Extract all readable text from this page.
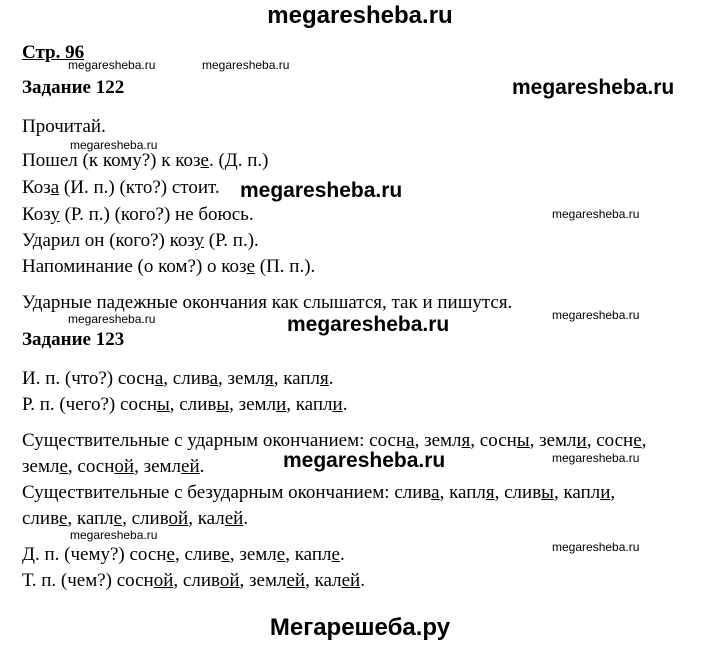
megaresheba.ru
Стр. 96
megaresheba.ru	megaresheba.ru
Задание 122	megaresheba.ru
Прочитай.
megaresheba.ru
Пошел (к кому?) к козе. (Д. п.)
Коза (И. п.) (кто?) стоит. megaresheba.ru
Козу (Р. п.) (кого?) не боюсь.	megaresheba.ru
Ударил он (кого?) козу (Р. п.).
Напоминание (о ком?) о козе (П. п.).
Ударные падежные окончания как слышатся, так и пишутся.
megaresheba.ru	megaresheba.ru	megaresheba.ru
Задание 123
И. п. (что?) сосна, слива, земля, капля.
Р. п. (чего?) сосны, сливы, земли, капли.
Существительные с ударным окончанием: сосна, земля, сосны, земли, сосне,
земле, сосной, землей.	megaresheba.ru	megaresheba.ru
Существительные с безударным окончанием: слива, капля, сливы, капли,
сливе, капле, сливой, калей.
megaresheba.ru
megaresheba.ru
Д. п. (чему?) сосне, сливе, земле, капле.
Т. п. (чем?) сосной, сливой, землей, калей.
Мегарешеба.ру
